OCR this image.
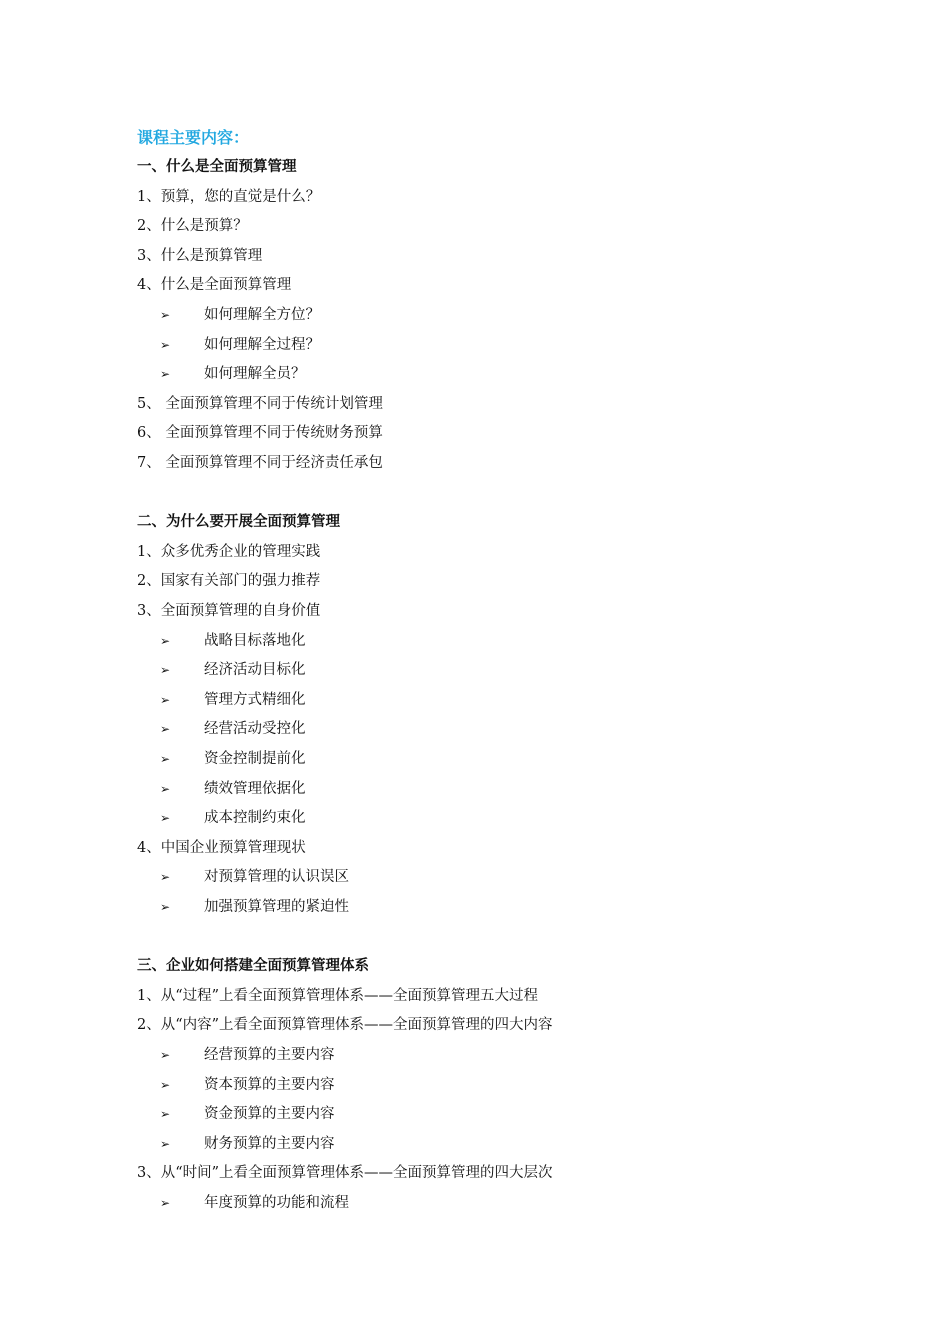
课程主要内容：
一、什么是全面预算管理
1、预算，您的直觉是什么？
2、什么是预算？
3、什么是预算管理
4、什么是全面预算管理
➢ 如何理解全方位？
➢ 如何理解全过程？
➢ 如何理解全员？
5、 全面预算管理不同于传统计划管理
6、 全面预算管理不同于传统财务预算
7、 全面预算管理不同于经济责任承包
二、为什么要开展全面预算管理
1、众多优秀企业的管理实践
2、国家有关部门的强力推荐
3、全面预算管理的自身价值
➢ 战略目标落地化
➢ 经济活动目标化
➢ 管理方式精细化
➢ 经营活动受控化
➢ 资金控制提前化
➢ 绩效管理依据化
➢ 成本控制约束化
4、中国企业预算管理现状
➢ 对预算管理的认识误区
➢ 加强预算管理的紧迫性
三、企业如何搭建全面预算管理体系
1、从“过程”上看全面预算管理体系——全面预算管理五大过程
2、从“内容”上看全面预算管理体系——全面预算管理的四大内容
➢ 经营预算的主要内容
➢ 资本预算的主要内容
➢ 资金预算的主要内容
➢ 财务预算的主要内容
3、从“时间”上看全面预算管理体系——全面预算管理的四大层次
➢ 年度预算的功能和流程
